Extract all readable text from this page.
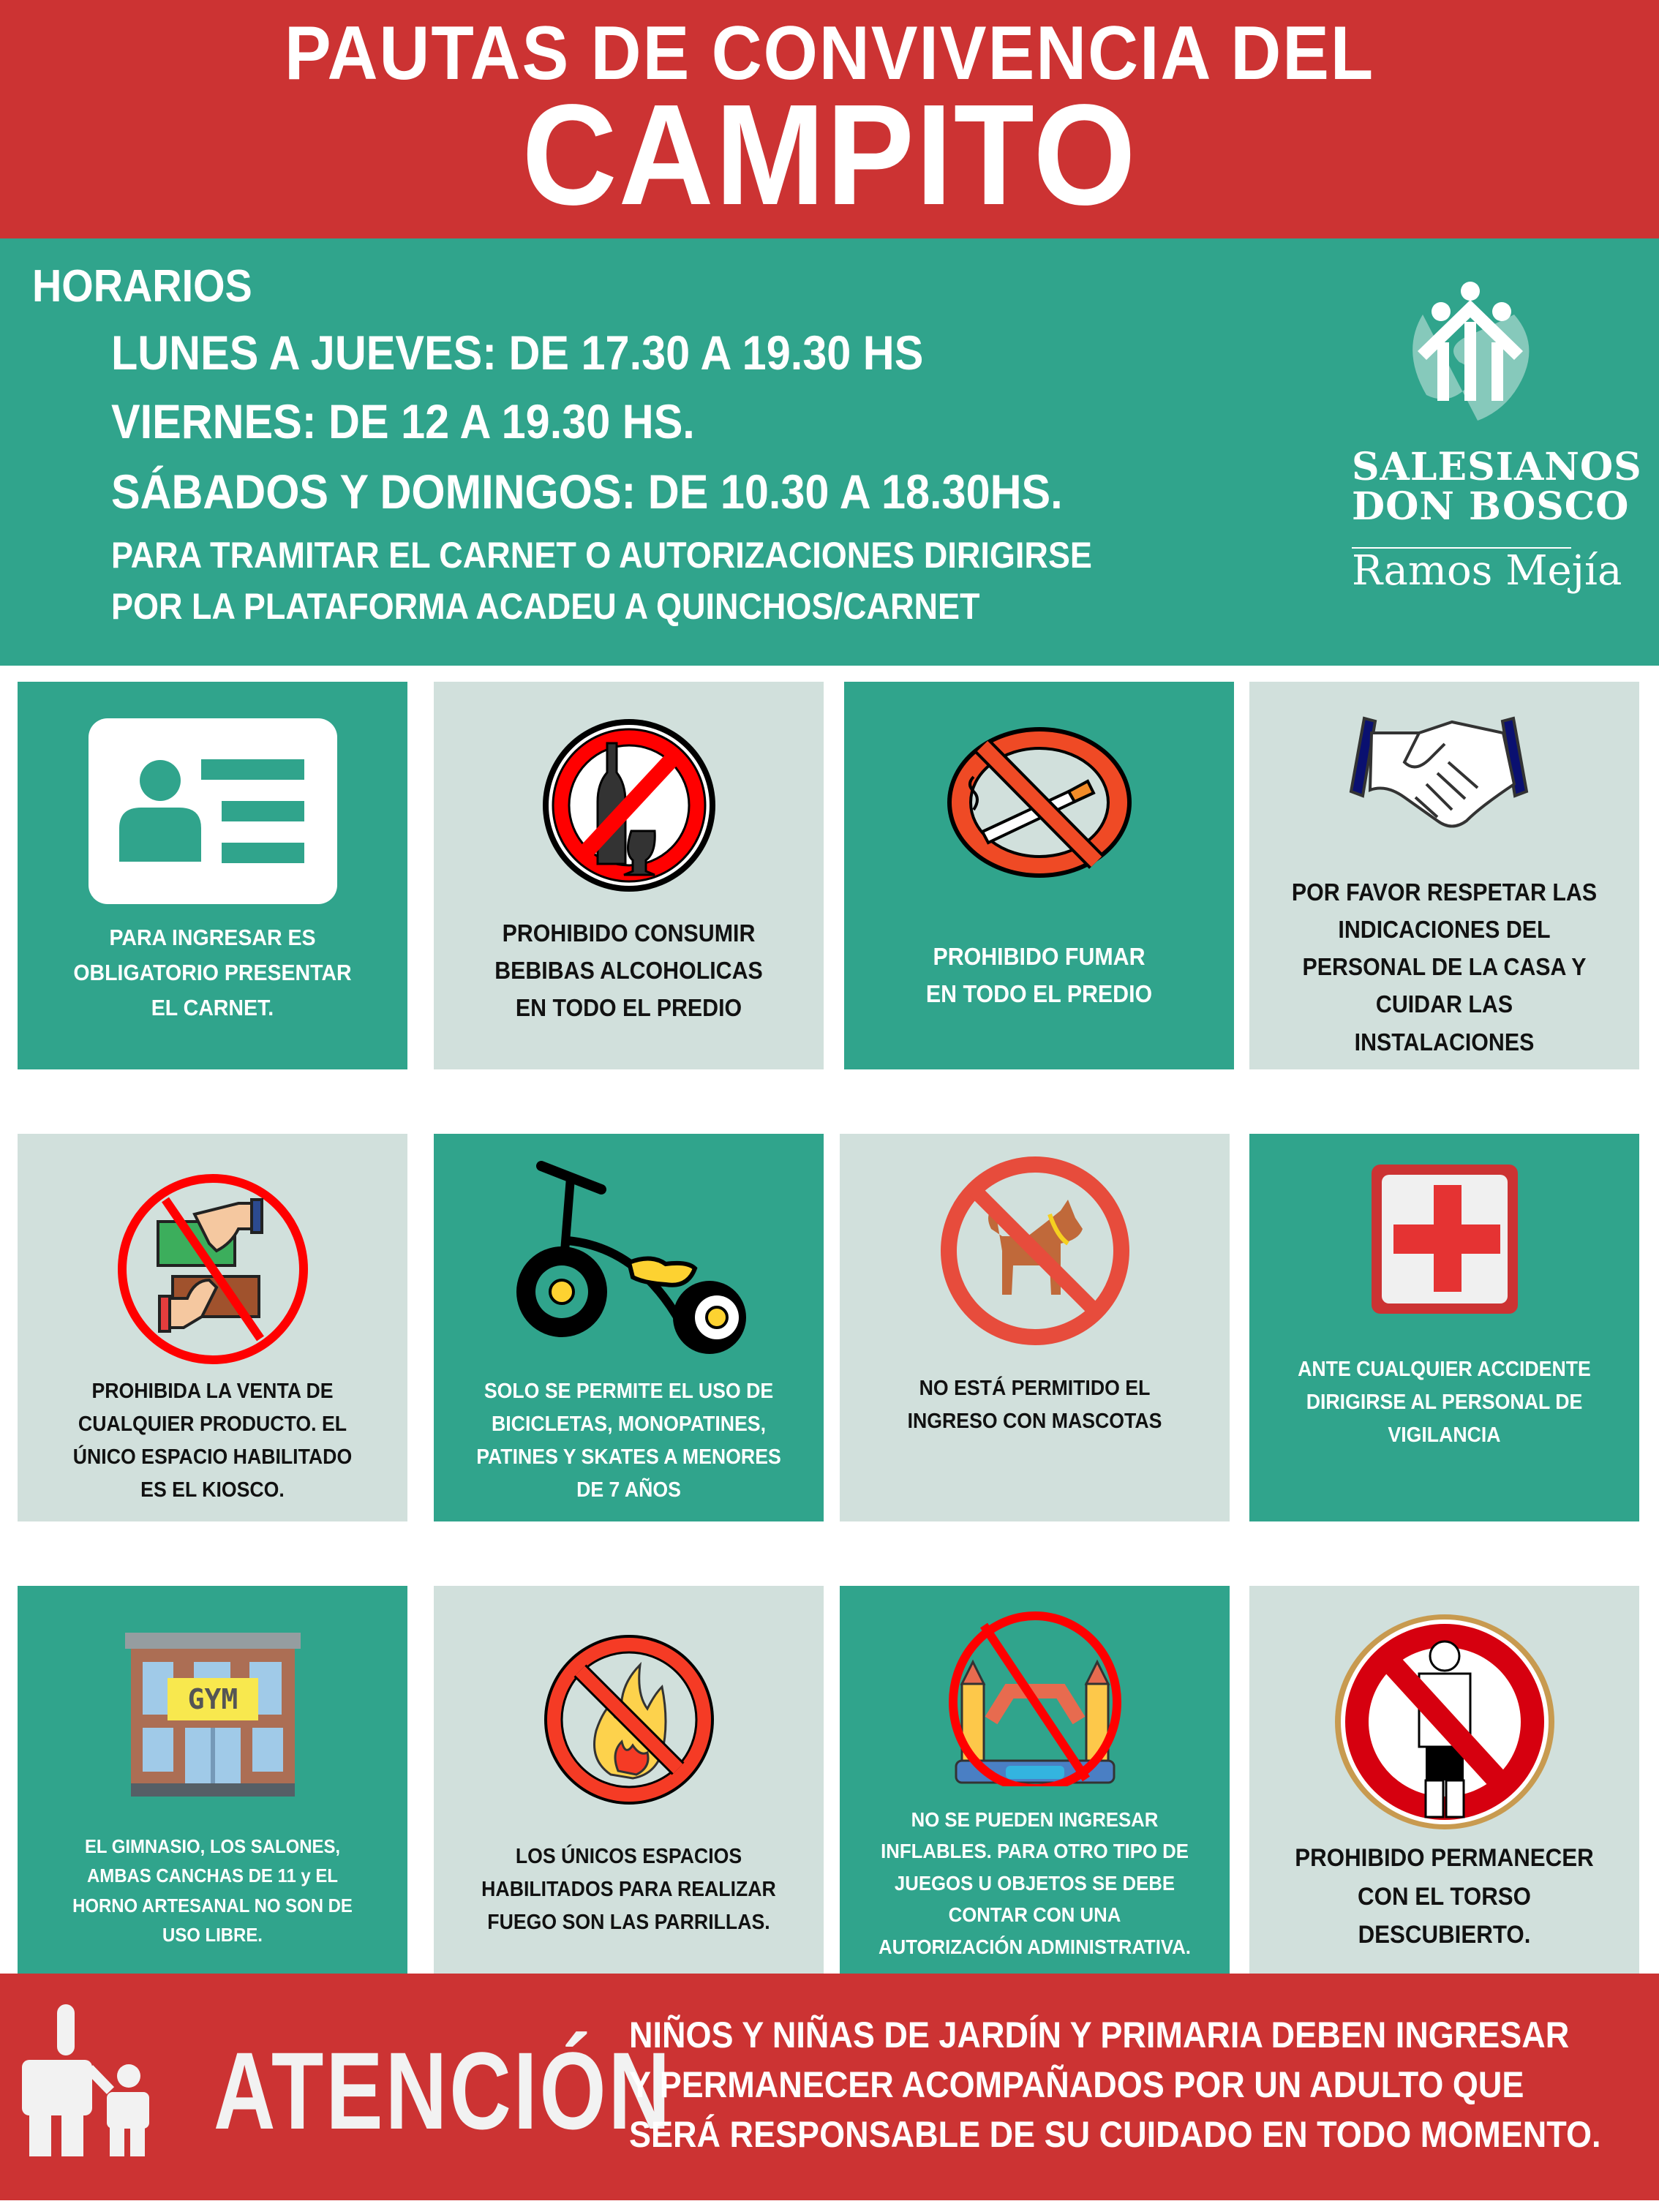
PAUTAS DE CONVIVENCIA DEL
CAMPITO
HORARIOS
LUNES A JUEVES: DE 17.30 A 19.30 HS
VIERNES: DE 12 A 19.30 HS.
SÁBADOS Y DOMINGOS: DE 10.30 A 18.30HS.
PARA TRAMITAR EL CARNET O AUTORIZACIONES DIRIGIRSE
POR LA PLATAFORMA ACADEU A QUINCHOS/CARNET
SALESIANOS
DON BOSCO
Ramos Mejía
PARA INGRESAR ES
OBLIGATORIO PRESENTAR
EL CARNET.
PROHIBIDO CONSUMIR
BEBIBAS ALCOHOLICAS
EN TODO EL PREDIO
PROHIBIDO FUMAR
EN TODO EL PREDIO
POR FAVOR RESPETAR LAS
INDICACIONES DEL
PERSONAL DE LA CASA Y
CUIDAR LAS
INSTALACIONES
PROHIBIDA LA VENTA DE
CUALQUIER PRODUCTO. EL
ÚNICO ESPACIO HABILITADO
ES EL KIOSCO.
SOLO SE PERMITE EL USO DE
BICICLETAS, MONOPATINES,
PATINES Y SKATES A MENORES
DE 7 AÑOS
NO ESTÁ PERMITIDO EL
INGRESO CON MASCOTAS
ANTE CUALQUIER ACCIDENTE
DIRIGIRSE AL PERSONAL DE
VIGILANCIA
GYM
EL GIMNASIO, LOS SALONES,
AMBAS CANCHAS DE 11 y EL
HORNO ARTESANAL NO SON DE
USO LIBRE.
LOS ÚNICOS ESPACIOS
HABILITADOS PARA REALIZAR
FUEGO SON LAS PARRILLAS.
NO SE PUEDEN INGRESAR
INFLABLES. PARA OTRO TIPO DE
JUEGOS U OBJETOS SE DEBE
CONTAR CON UNA
AUTORIZACIÓN ADMINISTRATIVA.
PROHIBIDO PERMANECER
CON EL TORSO
DESCUBIERTO.
ATENCIÓN
NIÑOS Y NIÑAS DE JARDÍN Y PRIMARIA DEBEN INGRESAR
Y PERMANECER ACOMPAÑADOS POR UN ADULTO QUE
SERÁ RESPONSABLE DE SU CUIDADO EN TODO MOMENTO.
